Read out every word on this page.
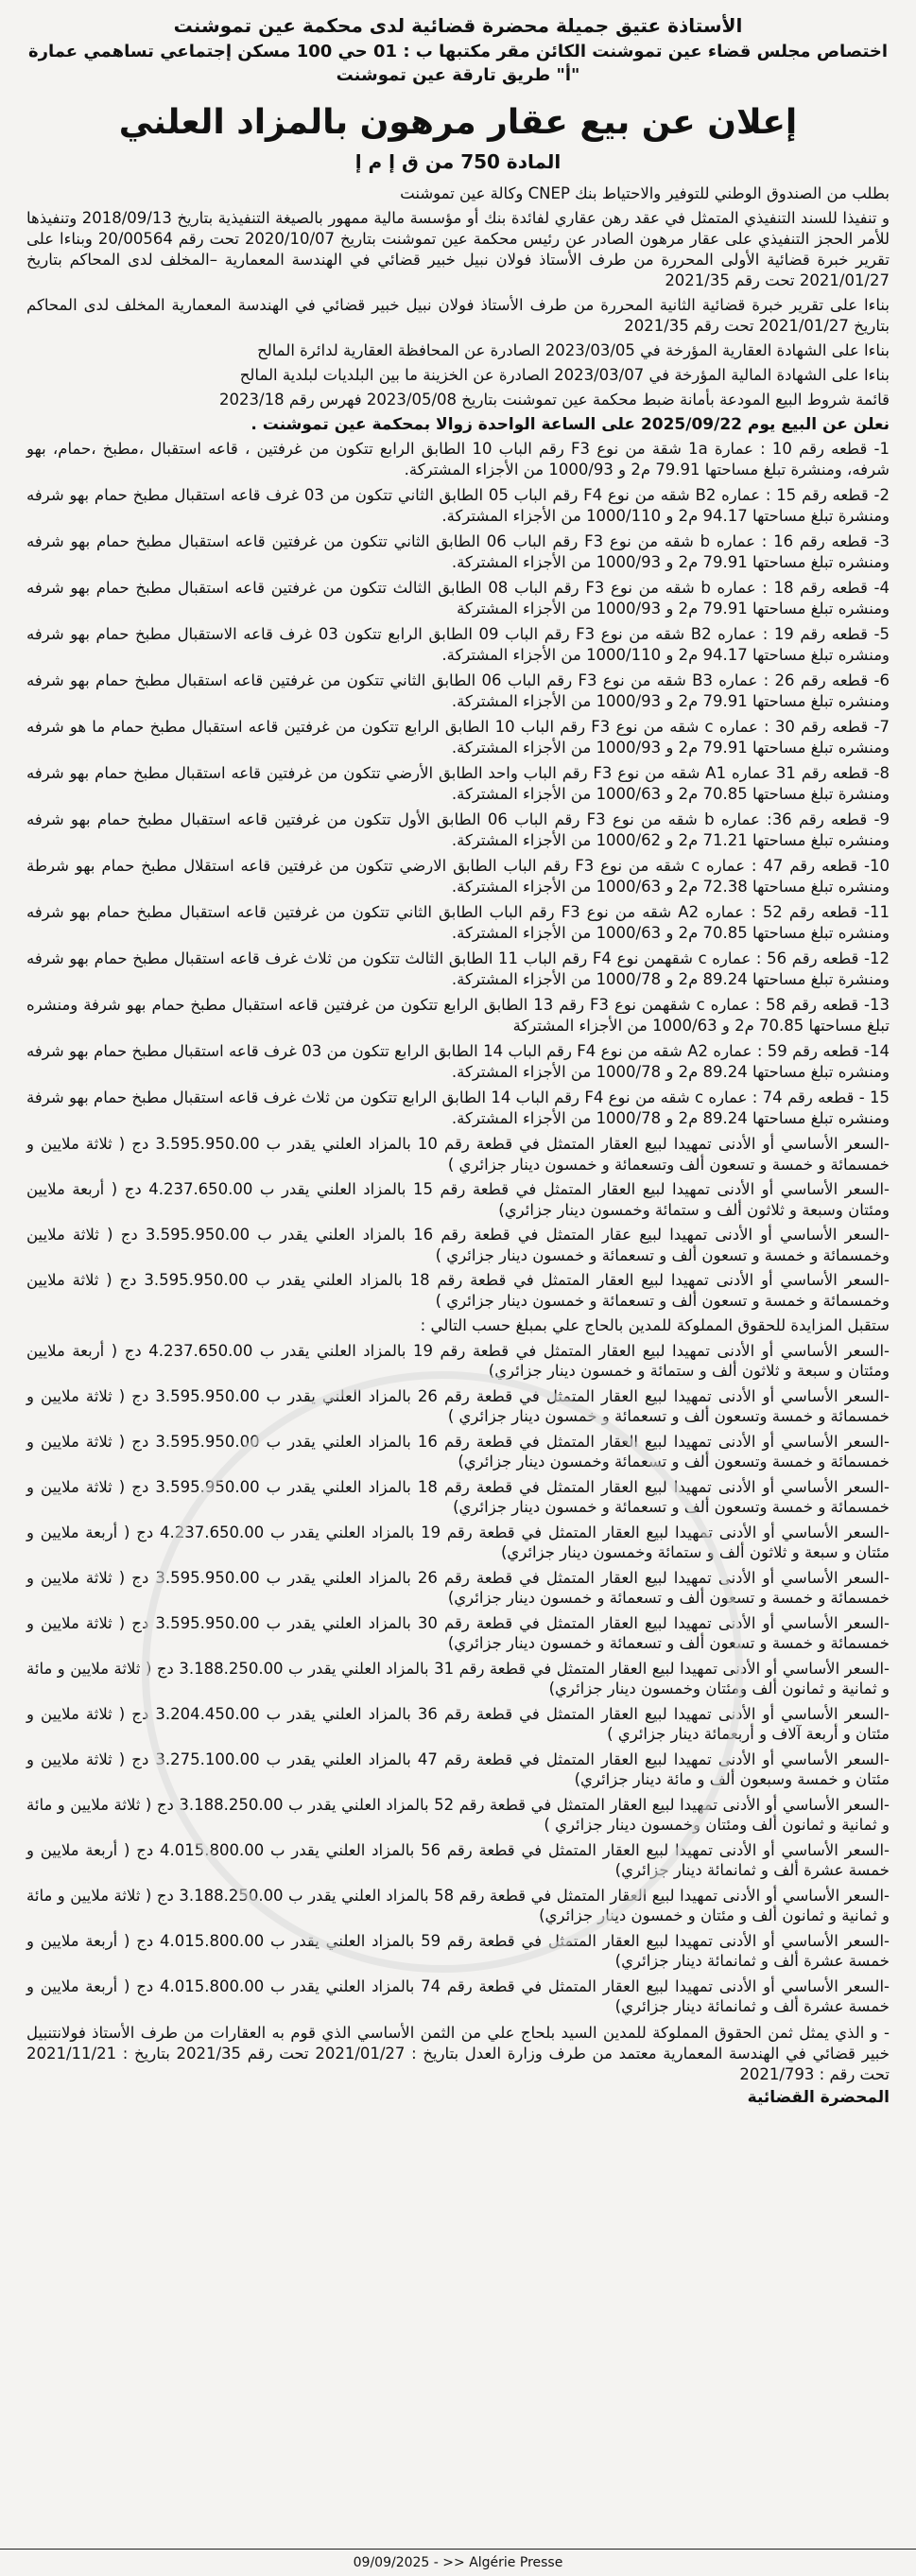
الأستاذة عتيق جميلة محضرة قضائية لدى محكمة عين تموشنت

اختصاص مجلس قضاء عين تموشنت الكائن مقر مكتبها ب : 01 حي 100 مسكن إجتماعي تساهمي عمارة "أ" طريق تارقة عين تموشنت

إعلان عن بيع عقار مرهون بالمزاد العلني

المادة 750 من ق إ م إ

بطلب من الصندوق الوطني للتوفير والاحتياط بنك CNEP وكالة عين تموشنت

و تنفيذا للسند التنفيذي المتمثل في عقد رهن عقاري لفائدة بنك أو مؤسسة مالية ممهور بالصيغة التنفيذية بتاريخ 2018/09/13 وتنفيذها للأمر الحجز التنفيذي على عقار مرهون الصادر عن رئيس محكمة عين تموشنت بتاريخ 2020/10/07 تحت رقم 20/00564 وبناءا على تقرير خبرة قضائية الأولى المحررة من طرف الأستاذ فولان نبيل خبير قضائي في الهندسة المعمارية –المخلف لدى المحاكم بتاريخ 2021/01/27 تحت رقم 2021/35

بناءا على تقرير خبرة قضائية الثانية المحررة من طرف الأستاذ فولان نبيل خبير قضائي في الهندسة المعمارية المخلف لدى المحاكم بتاريخ 2021/01/27 تحت رقم 2021/35

بناءا على الشهادة العقارية المؤرخة في 2023/03/05 الصادرة عن المحافظة العقارية لدائرة المالح

بناءا على الشهادة المالية المؤرخة في 2023/03/07 الصادرة عن الخزينة ما بين البلديات لبلدية المالح

قائمة شروط البيع المودعة بأمانة ضبط محكمة عين تموشنت بتاريخ 2023/05/08 فهرس رقم 2023/18

نعلن عن البيع يوم 2025/09/22 على الساعة الواحدة زوالا بمحكمة عين تموشنت .

1- قطعه رقم 10 : عمارة 1a شقة من نوع F3 رقم الباب 10 الطابق الرابع تتكون من غرفتين ، قاعه استقبال ،مطبخ ،حمام، بهو شرفه، ومنشرة تبلغ مساحتها 79.91 م2 و 1000/93 من الأجزاء المشتركة.
2- قطعه رقم 15 : عماره B2 شقه من نوع F4 رقم الباب 05 الطابق الثاني تتكون من 03 غرف قاعه استقبال مطبخ حمام بهو شرفه ومنشرة تبلغ مساحتها 94.17 م2 و 1000/110 من الأجزاء المشتركة.
3- قطعه رقم 16 : عماره b شقه من نوع F3 رقم الباب 06 الطابق الثاني تتكون من غرفتين قاعه استقبال مطبخ حمام بهو شرفه ومنشره تبلغ مساحتها 79.91 م2 و 1000/93 من الأجزاء المشتركة.
4- قطعه رقم 18 : عماره b شقه من نوع F3 رقم الباب 08 الطابق الثالث تتكون من غرفتين قاعه استقبال مطبخ حمام بهو شرفه ومنشره تبلغ مساحتها 79.91 م2 و 1000/93 من الأجزاء المشتركة
5- قطعه رقم 19 : عماره B2 شقه من نوع F3 رقم الباب 09 الطابق الرابع تتكون 03 غرف قاعه الاستقبال مطبخ حمام بهو شرفه ومنشره تبلغ مساحتها 94.17 م2 و 1000/110 من الأجزاء المشتركة.
6- قطعه رقم 26 : عماره B3 شقه من نوع F3 رقم الباب 06 الطابق الثاني تتكون من غرفتين قاعه استقبال مطبخ حمام بهو شرفه ومنشره تبلغ مساحتها 79.91 م2 و 1000/93 من الأجزاء المشتركة.
7- قطعه رقم 30 : عماره c شقه من نوع F3 رقم الباب 10 الطابق الرابع تتكون من غرفتين قاعه استقبال مطبخ حمام ما هو شرفه ومنشره تبلغ مساحتها 79.91 م2 و 1000/93 من الأجزاء المشتركة.
8- قطعه رقم 31 عماره A1 شقه من نوع F3 رقم الباب واحد الطابق الأرضي تتكون من غرفتين قاعه استقبال مطبخ حمام بهو شرفه ومنشرة تبلغ مساحتها 70.85 م2 و 1000/63 من الأجزاء المشتركة.
9- قطعه رقم 36: عماره b شقه من نوع F3 رقم الباب 06 الطابق الأول تتكون من غرفتين قاعه استقبال مطبخ حمام بهو شرفه ومنشره تبلغ مساحتها 71.21 م2 و 1000/62 من الأجزاء المشتركة.
10- قطعه رقم 47 : عماره c شقه من نوع F3 رقم الباب الطابق الارضي تتكون من غرفتين قاعه استقلال مطبخ حمام بهو شرطة ومنشره تبلغ مساحتها 72.38 م2 و 1000/63 من الأجزاء المشتركة.
11- قطعه رقم 52 : عماره A2 شقه من نوع F3 رقم الباب الطابق الثاني تتكون من غرفتين قاعه استقبال مطبخ حمام بهو شرفه ومنشره تبلغ مساحتها 70.85 م2 و 1000/63 من الأجزاء المشتركة.
12- قطعه رقم 56 : عماره c شقهمن نوع F4 رقم الباب 11 الطابق الثالث تتكون من ثلاث غرف قاعه استقبال مطبخ حمام بهو شرفه ومنشرة تبلغ مساحتها 89.24 م2 و 1000/78 من الأجزاء المشتركة.
13- قطعه رقم 58 : عماره c شقهمن نوع F3 رقم 13 الطابق الرابع تتكون من غرفتين قاعه استقبال مطبخ حمام بهو شرفة ومنشره تبلغ مساحتها 70.85 م2 و 1000/63 من الأجزاء المشتركة
14- قطعه رقم 59 : عماره A2 شقه من نوع F4 رقم الباب 14 الطابق الرابع تتكون من 03 غرف قاعه استقبال مطبخ حمام بهو شرفه ومنشره تبلغ مساحتها 89.24 م2 و 1000/78 من الأجزاء المشتركة.
15 - قطعه رقم 74 : عماره c شقه من نوع F4 رقم الباب 14 الطابق الرابع تتكون من ثلاث غرف قاعه استقبال مطبخ حمام بهو شرفة ومنشره تبلغ مساحتها 89.24 م2 و 1000/78 من الأجزاء المشتركة.
-السعر الأساسي أو الأدنى تمهيدا لبيع العقار المتمثل في قطعة رقم 10 بالمزاد العلني يقدر ب 3.595.950.00 دج ( ثلاثة ملايين و خمسمائة و خمسة و تسعون ألف وتسعمائة و خمسون دينار جزائري )
-السعر الأساسي أو الأدنى تمهيدا لبيع العقار المتمثل في قطعة رقم 15 بالمزاد العلني يقدر ب 4.237.650.00 دج ( أربعة ملايين ومئتان وسبعة و ثلاثون ألف و ستمائة وخمسون دينار جزائري)
-السعر الأساسي أو الأدنى تمهيدا لبيع عقار المتمثل في قطعة رقم 16 بالمزاد العلني يقدر ب 3.595.950.00 دج ( ثلاثة ملايين وخمسمائة و خمسة و تسعون ألف و تسعمائة و خمسون دينار جزائري )
-السعر الأساسي أو الأدنى تمهيدا لبيع العقار المتمثل في قطعة رقم 18 بالمزاد العلني يقدر ب 3.595.950.00 دج ( ثلاثة ملايين وخمسمائة و خمسة و تسعون ألف و تسعمائة و خمسون دينار جزائري )
ستقبل المزايدة للحقوق المملوكة للمدين بالحاج علي بمبلغ حسب التالي :
-السعر الأساسي أو الأدنى تمهيدا لبيع العقار المتمثل في قطعة رقم 19 بالمزاد العلني يقدر ب 4.237.650.00 دج ( أربعة ملايين ومئتان و سبعة و ثلاثون ألف و ستمائة و خمسون دينار جزائري)
-السعر الأساسي أو الأدنى تمهيدا لبيع العقار المتمثل في قطعة رقم 26 بالمزاد العلني يقدر ب 3.595.950.00 دج ( ثلاثة ملايين و خمسمائة و خمسة وتسعون ألف و تسعمائة و خمسون دينار جزائري )
-السعر الأساسي أو الأدنى تمهيدا لبيع العقار المتمثل في قطعة رقم 16 بالمزاد العلني يقدر ب 3.595.950.00 دج ( ثلاثة ملايين و خمسمائة و خمسة وتسعون ألف و تسعمائة وخمسون دينار جزائري)
-السعر الأساسي أو الأدنى تمهيدا لبيع العقار المتمثل في قطعة رقم 18 بالمزاد العلني يقدر ب 3.595.950.00 دج ( ثلاثة ملايين و خمسمائة و خمسة وتسعون ألف و تسعمائة و خمسون دينار جزائري)
-السعر الأساسي أو الأدنى تمهيدا لبيع العقار المتمثل في قطعة رقم 19 بالمزاد العلني يقدر ب 4.237.650.00 دج ( أربعة ملايين و مئتان و سبعة و ثلاثون ألف و ستمائة وخمسون دينار جزائري)
-السعر الأساسي أو الأدنى تمهيدا لبيع العقار المتمثل في قطعة رقم 26 بالمزاد العلني يقدر ب 3.595.950.00 دج ( ثلاثة ملايين و خمسمائة و خمسة و تسعون ألف و تسعمائة و خمسون دينار جزائري)
-السعر الأساسي أو الأدنى تمهيدا لبيع العقار المتمثل في قطعة رقم 30 بالمزاد العلني يقدر ب 3.595.950.00 دج ( ثلاثة ملايين و خمسمائة و خمسة و تسعون ألف و تسعمائة و خمسون دينار جزائري)
-السعر الأساسي أو الأدنى تمهيدا لبيع العقار المتمثل في قطعة رقم 31 بالمزاد العلني يقدر ب 3.188.250.00 دج ( ثلاثة ملايين و مائة و ثمانية و ثمانون ألف ومئتان وخمسون دينار جزائري)
-السعر الأساسي أو الأدنى تمهيدا لبيع العقار المتمثل في قطعة رقم 36 بالمزاد العلني يقدر ب 3.204.450.00 دج ( ثلاثة ملايين و مئتان و أربعة آلاف و أربعمائة دينار جزائري )
-السعر الأساسي أو الأدنى تمهيدا لبيع العقار المتمثل في قطعة رقم 47 بالمزاد العلني يقدر ب 3.275.100.00 دج ( ثلاثة ملايين و مئتان و خمسة وسبعون ألف و مائة دينار جزائري)
-السعر الأساسي أو الأدنى تمهيدا لبيع العقار المتمثل في قطعة رقم 52 بالمزاد العلني يقدر ب 3.188.250.00 دج ( ثلاثة ملايين و مائة و ثمانية و ثمانون ألف ومئتان وخمسون دينار جزائري )
-السعر الأساسي أو الأدنى تمهيدا لبيع العقار المتمثل في قطعة رقم 56 بالمزاد العلني يقدر ب 4.015.800.00 دج ( أربعة ملايين و خمسة عشرة ألف و ثمانمائة دينار جزائري)
-السعر الأساسي أو الأدنى تمهيدا لبيع العقار المتمثل في قطعة رقم 58 بالمزاد العلني يقدر ب 3.188.250.00 دج ( ثلاثة ملايين و مائة و ثمانية و ثمانون ألف و مئتان و خمسون دينار جزائري)
-السعر الأساسي أو الأدنى تمهيدا لبيع العقار المتمثل في قطعة رقم 59 بالمزاد العلني يقدر ب 4.015.800.00 دج ( أربعة ملايين و خمسة عشرة ألف و ثمانمائة دينار جزائري)
-السعر الأساسي أو الأدنى تمهيدا لبيع العقار المتمثل في قطعة رقم 74 بالمزاد العلني يقدر ب 4.015.800.00 دج ( أربعة ملايين و خمسة عشرة ألف و ثمانمائة دينار جزائري)

- و الذي يمثل ثمن الحقوق المملوكة للمدين السيد بلحاج علي من الثمن الأساسي الذي قوم به العقارات من طرف الأستاذ فولانتنبيل خبير قضائي في الهندسة المعمارية معتمد من طرف وزارة العدل بتاريخ : 2021/01/27 تحت رقم 2021/35 بتاريخ : 2021/11/21 تحت رقم : 2021/793

المحضرة القضائية

09/09/2025 - >> Algérie Presse
